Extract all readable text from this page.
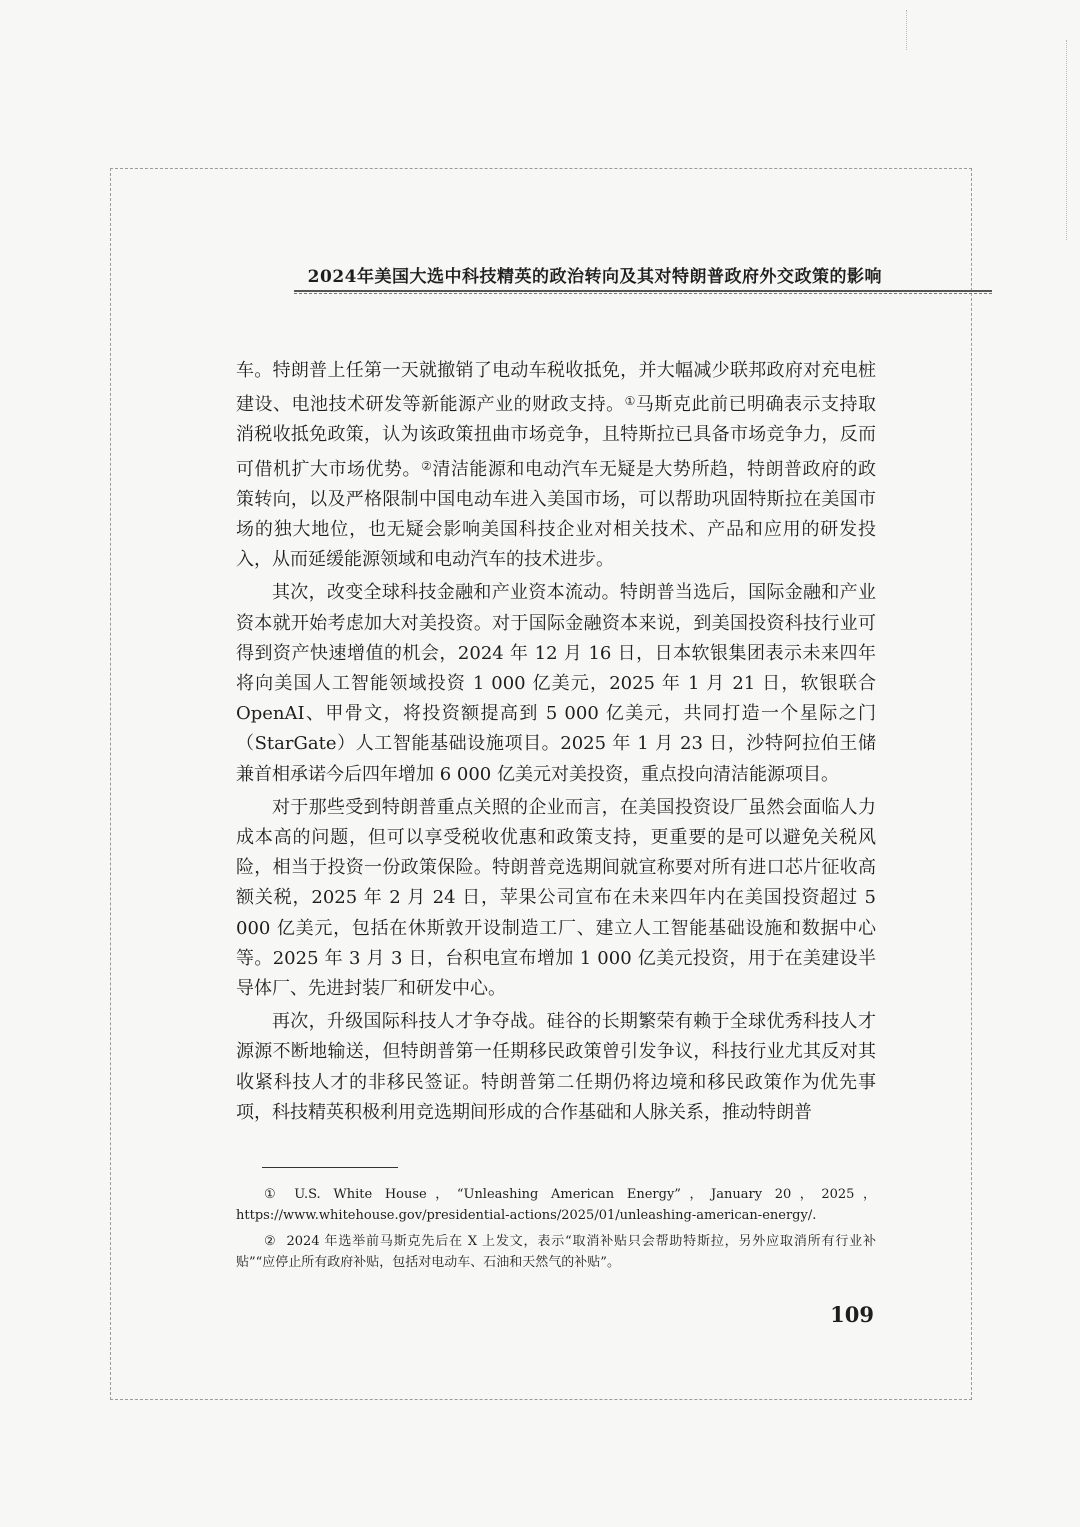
2024年美国大选中科技精英的政治转向及其对特朗普政府外交政策的影响

车。特朗普上任第一天就撤销了电动车税收抵免，并大幅减少联邦政府对充电桩建设、电池技术研发等新能源产业的财政支持。①马斯克此前已明确表示支持取消税收抵免政策，认为该政策扭曲市场竞争，且特斯拉已具备市场竞争力，反而可借机扩大市场优势。②清洁能源和电动汽车无疑是大势所趋，特朗普政府的政策转向，以及严格限制中国电动车进入美国市场，可以帮助巩固特斯拉在美国市场的独大地位，也无疑会影响美国科技企业对相关技术、产品和应用的研发投入，从而延缓能源领域和电动汽车的技术进步。

其次，改变全球科技金融和产业资本流动。特朗普当选后，国际金融和产业资本就开始考虑加大对美投资。对于国际金融资本来说，到美国投资科技行业可得到资产快速增值的机会，2024 年 12 月 16 日，日本软银集团表示未来四年将向美国人工智能领域投资 1 000 亿美元，2025 年 1 月 21 日，软银联合 OpenAI、甲骨文，将投资额提高到 5 000 亿美元，共同打造一个星际之门（StarGate）人工智能基础设施项目。2025 年 1 月 23 日，沙特阿拉伯王储兼首相承诺今后四年增加 6 000 亿美元对美投资，重点投向清洁能源项目。

对于那些受到特朗普重点关照的企业而言，在美国投资设厂虽然会面临人力成本高的问题，但可以享受税收优惠和政策支持，更重要的是可以避免关税风险，相当于投资一份政策保险。特朗普竞选期间就宣称要对所有进口芯片征收高额关税，2025 年 2 月 24 日，苹果公司宣布在未来四年内在美国投资超过 5 000 亿美元，包括在休斯敦开设制造工厂、建立人工智能基础设施和数据中心等。2025 年 3 月 3 日，台积电宣布增加 1 000 亿美元投资，用于在美建设半导体厂、先进封装厂和研发中心。

再次，升级国际科技人才争夺战。硅谷的长期繁荣有赖于全球优秀科技人才源源不断地输送，但特朗普第一任期移民政策曾引发争议，科技行业尤其反对其收紧科技人才的非移民签证。特朗普第二任期仍将边境和移民政策作为优先事项，科技精英积极利用竞选期间形成的合作基础和人脉关系，推动特朗普

① U.S. White House，“Unleashing American Energy”，January 20，2025，https://www.whitehouse.gov/presidential-actions/2025/01/unleashing-american-energy/.

② 2024 年选举前马斯克先后在 X 上发文，表示“取消补贴只会帮助特斯拉，另外应取消所有行业补贴”“应停止所有政府补贴，包括对电动车、石油和天然气的补贴”。

109
